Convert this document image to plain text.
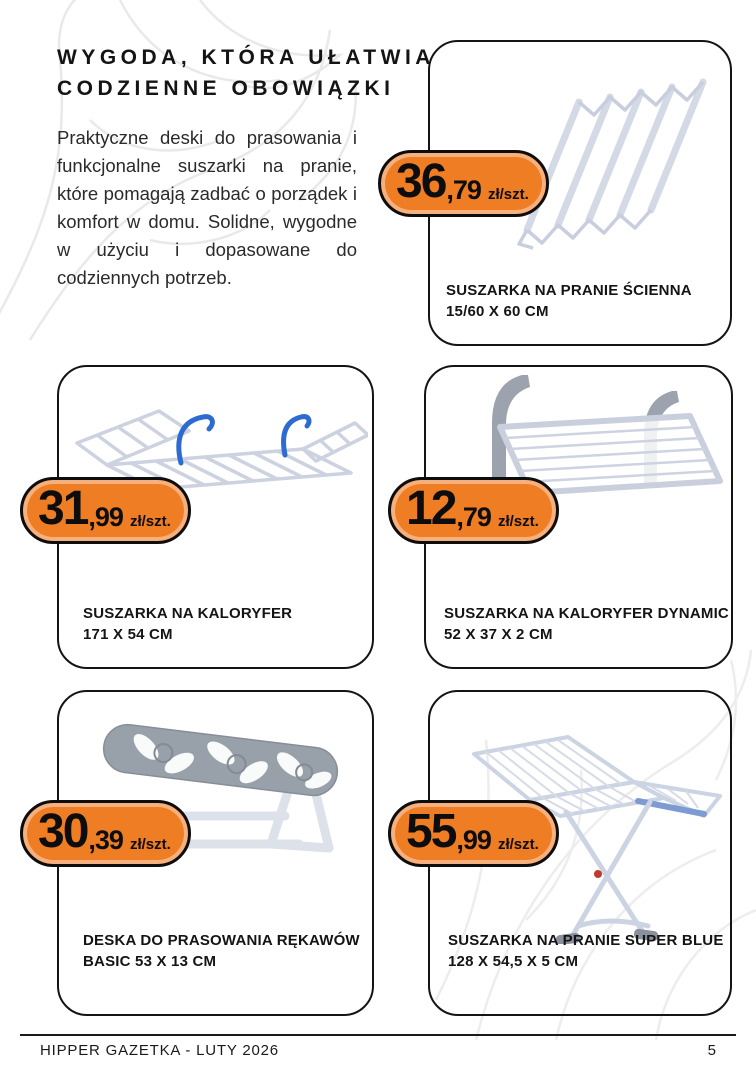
WYGODA, KTÓRA UŁATWIA
CODZIENNE OBOWIĄZKI
Praktyczne deski do prasowania i funkcjonalne suszarki na pranie, które pomagają zadbać o porządek i komfort w domu. Solidne, wygodne w użyciu i dopasowane do codziennych potrzeb.
SUSZARKA NA PRANIE ŚCIENNA
15/60 X 60 CM
SUSZARKA NA KALORYFER
171 X 54 CM
SUSZARKA NA KALORYFER DYNAMIC
52 X 37 X 2 CM
DESKA DO PRASOWANIA RĘKAWÓW
BASIC 53 X 13 CM
SUSZARKA NA PRANIE SUPER BLUE
128 X 54,5 X 5 CM
36 ,79 zł/szt.
31 ,99 zł/szt.	12 ,79 zł/szt.
30 ,39 zł/szt.	55 ,99 zł/szt.
HIPPER GAZETKA - LUTY 2026	5
